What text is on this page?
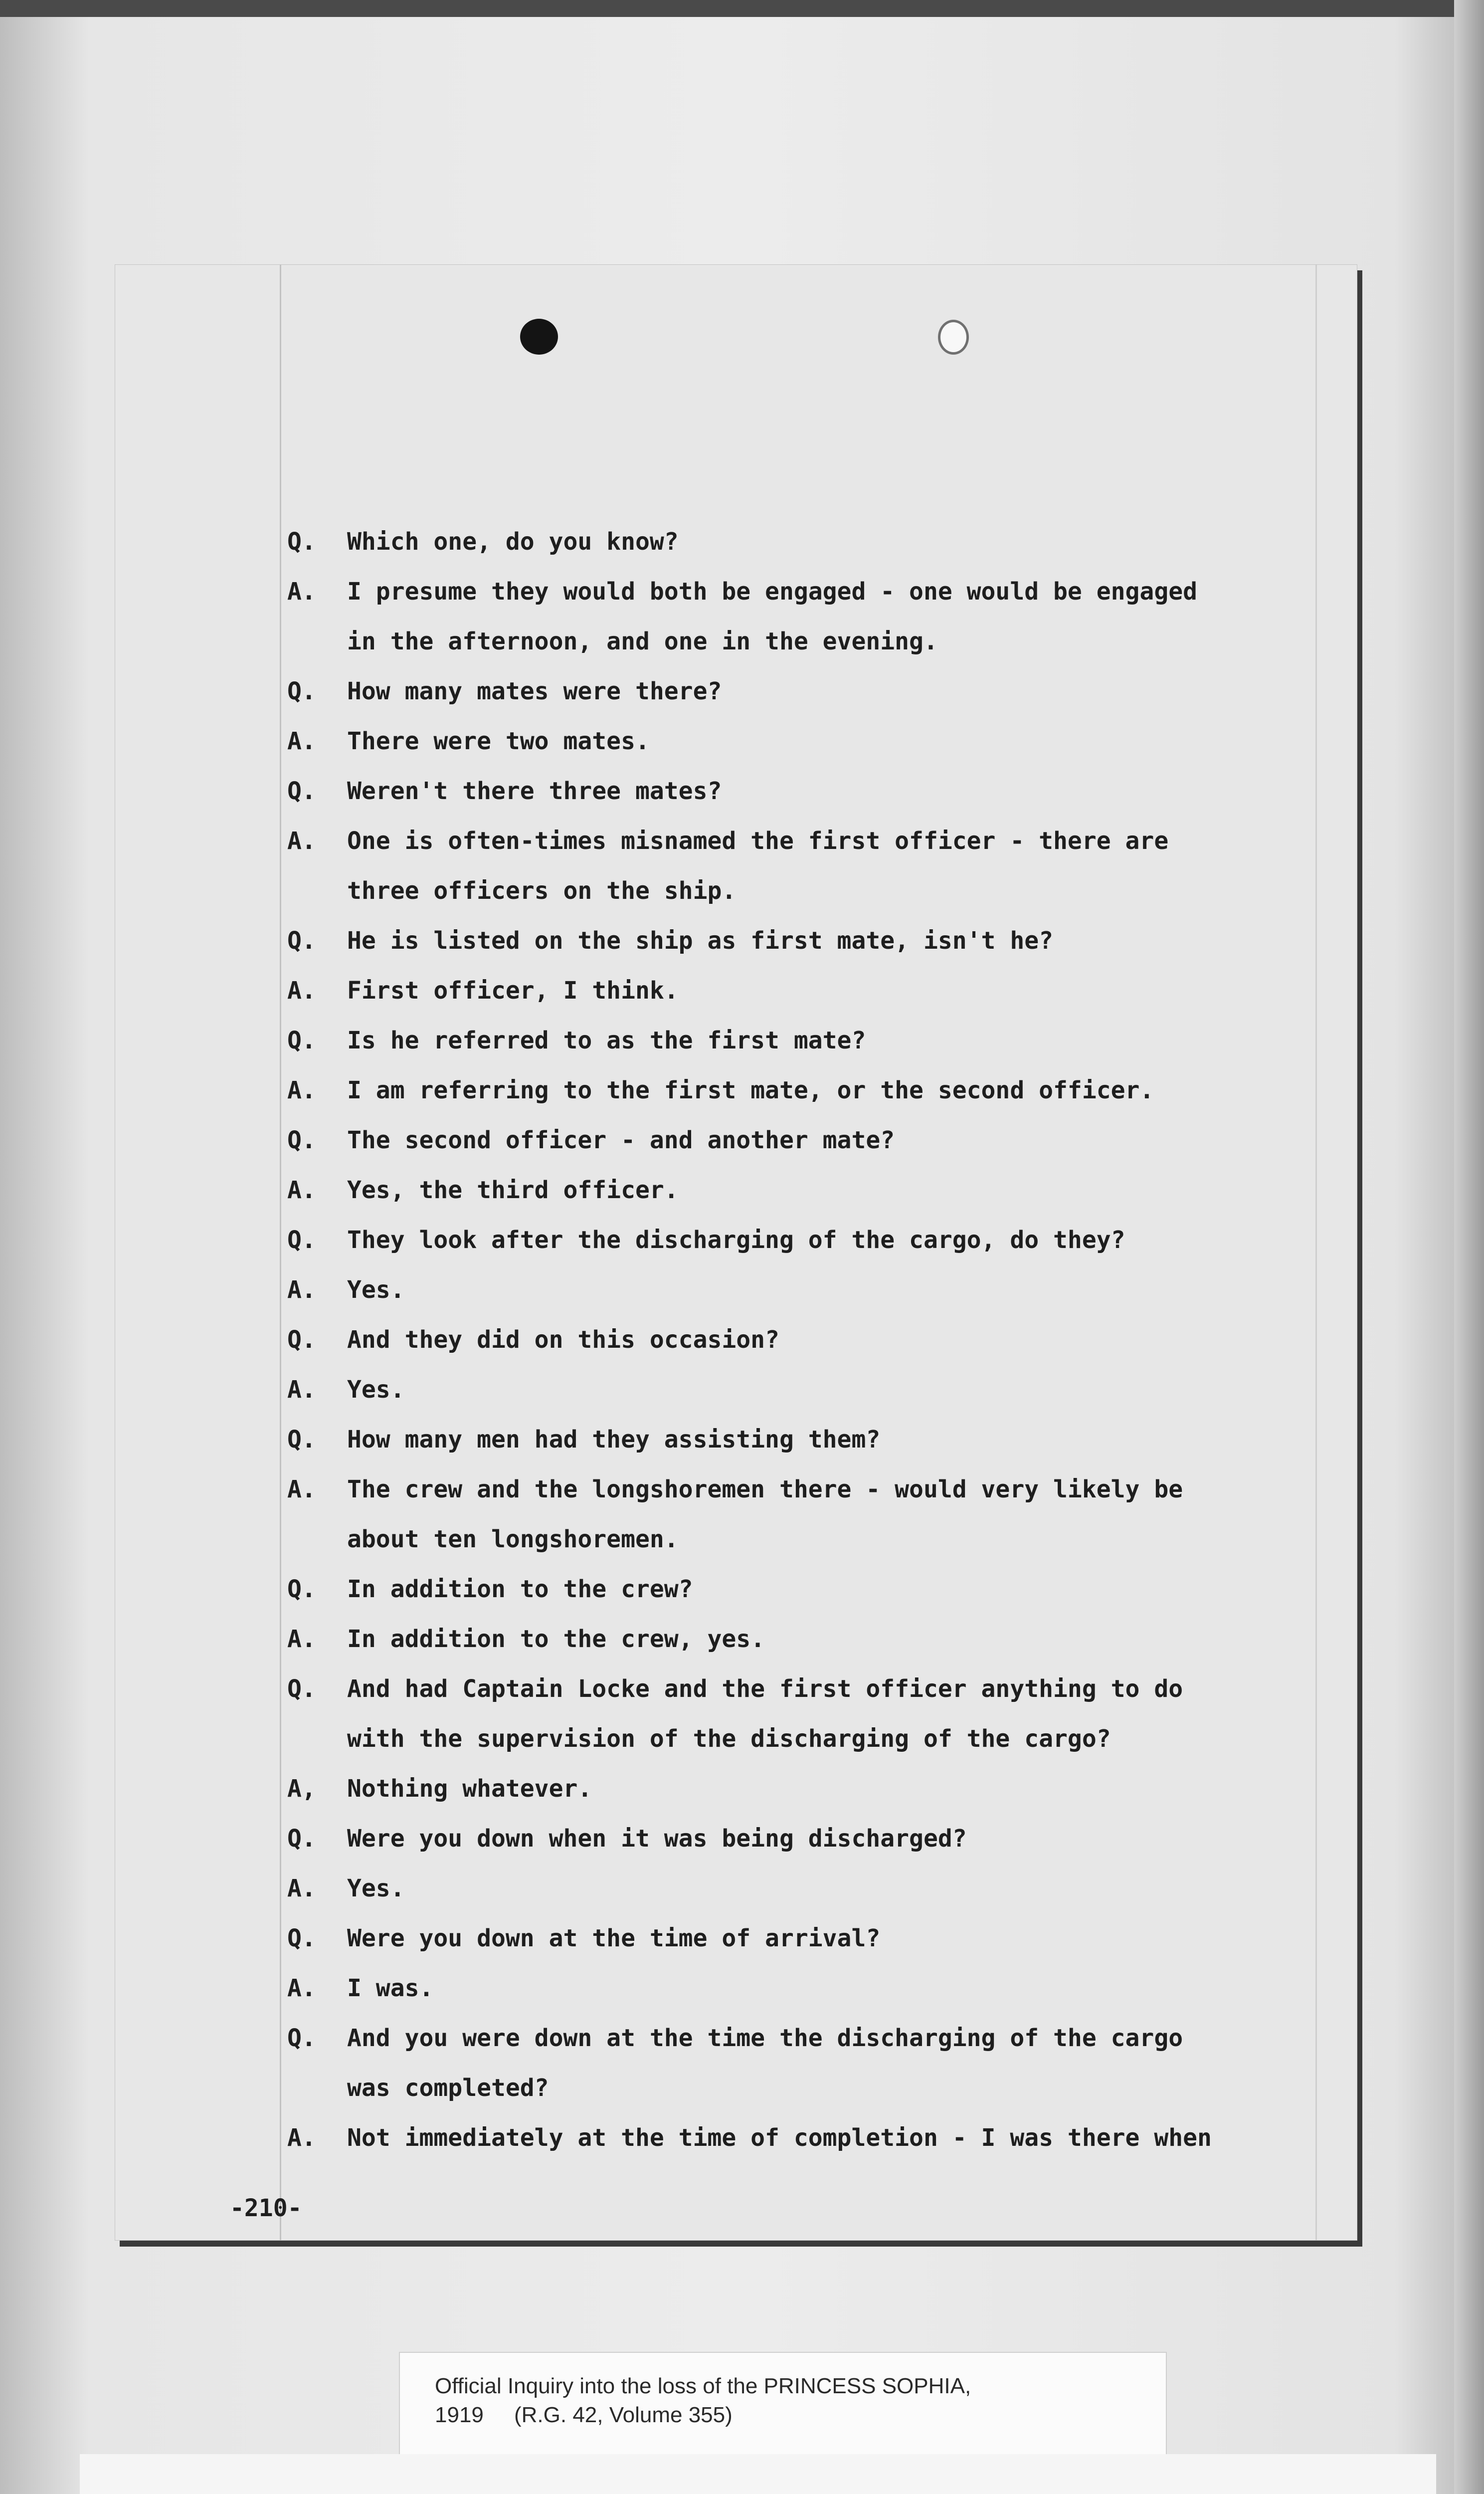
Q.	Which one, do you know?
A.	I presume they would both be engaged - one would be engaged
in the afternoon, and one in the evening.
Q.	How many mates were there?
A.	There were two mates.
Q.	Weren't there three mates?
A.	One is often-times misnamed the first officer - there are
three officers on the ship.
Q.	He is listed on the ship as first mate, isn't he?
A.	First officer, I think.
Q.	Is he referred to as the first mate?
A.	I am referring to the first mate, or the second officer.
Q.	The second officer - and another mate?
A.	Yes, the third officer.
Q.	They look after the discharging of the cargo, do they?
A.	Yes.
Q.	And they did on this occasion?
A.	Yes.
Q.	How many men had they assisting them?
A.	The crew and the longshoremen there - would very likely be
about ten longshoremen.
Q.	In addition to the crew?
A.	In addition to the crew, yes.
Q.	And had Captain Locke and the first officer anything to do
with the supervision of the discharging of the cargo?
A,	Nothing whatever.
Q.	Were you down when it was being discharged?
A.	Yes.
Q.	Were you down at the time of arrival?
A.	I was.
Q.	And you were down at the time the discharging of the cargo
was completed?
A.	Not immediately at the time of completion - I was there when
-210-
Official Inquiry into the loss of the PRINCESS SOPHIA,
1919     (R.G. 42, Volume 355)
